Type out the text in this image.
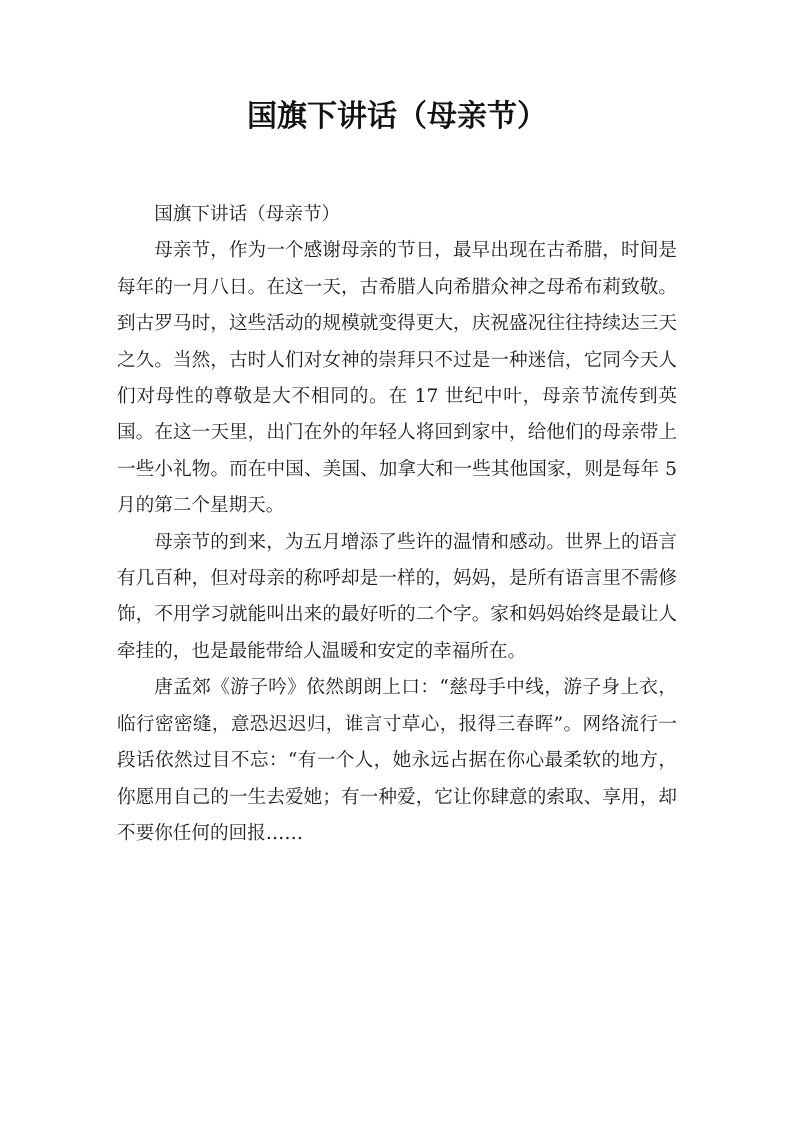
国旗下讲话（母亲节）

国旗下讲话（母亲节）

母亲节，作为一个感谢母亲的节日，最早出现在古希腊，时间是每年的一月八日。在这一天，古希腊人向希腊众神之母希布莉致敬。到古罗马时，这些活动的规模就变得更大，庆祝盛况往往持续达三天之久。当然，古时人们对女神的崇拜只不过是一种迷信，它同今天人们对母性的尊敬是大不相同的。在 17 世纪中叶，母亲节流传到英国。在这一天里，出门在外的年轻人将回到家中，给他们的母亲带上一些小礼物。而在中国、美国、加拿大和一些其他国家，则是每年 5 月的第二个星期天。

母亲节的到来，为五月增添了些许的温情和感动。世界上的语言有几百种，但对母亲的称呼却是一样的，妈妈，是所有语言里不需修饰，不用学习就能叫出来的最好听的二个字。家和妈妈始终是最让人牵挂的，也是最能带给人温暖和安定的幸福所在。

唐孟郊《游子吟》依然朗朗上口：“慈母手中线，游子身上衣，临行密密缝，意恐迟迟归，谁言寸草心，报得三春晖”。网络流行一段话依然过目不忘：“有一个人，她永远占据在你心最柔软的地方，你愿用自己的一生去爱她；有一种爱，它让你肆意的索取、享用，却不要你任何的回报……
